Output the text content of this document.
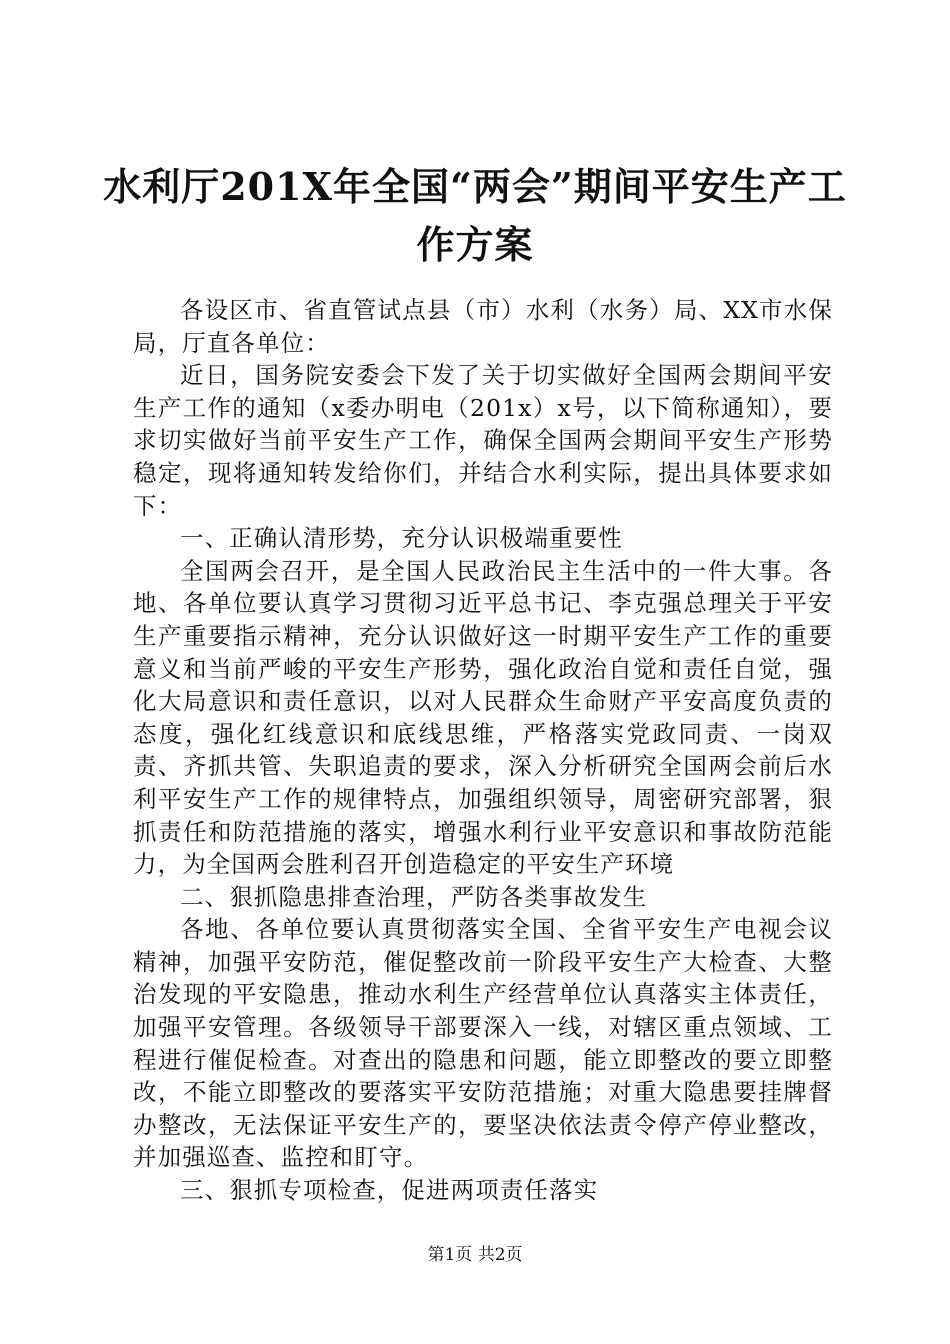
水利厅201X年全国“两会”期间平安生产工作方案

各设区市、省直管试点县（市）水利（水务）局、XX市水保局，厅直各单位：

近日，国务院安委会下发了关于切实做好全国两会期间平安生产工作的通知（x委办明电（201x）x号，以下简称通知），要求切实做好当前平安生产工作，确保全国两会期间平安生产形势稳定，现将通知转发给你们，并结合水利实际，提出具体要求如下：

一、正确认清形势，充分认识极端重要性

全国两会召开，是全国人民政治民主生活中的一件大事。各地、各单位要认真学习贯彻习近平总书记、李克强总理关于平安生产重要指示精神，充分认识做好这一时期平安生产工作的重要意义和当前严峻的平安生产形势，强化政治自觉和责任自觉，强化大局意识和责任意识，以对人民群众生命财产平安高度负责的态度，强化红线意识和底线思维，严格落实党政同责、一岗双责、齐抓共管、失职追责的要求，深入分析研究全国两会前后水利平安生产工作的规律特点，加强组织领导，周密研究部署，狠抓责任和防范措施的落实，增强水利行业平安意识和事故防范能力，为全国两会胜利召开创造稳定的平安生产环境

二、狠抓隐患排查治理，严防各类事故发生

各地、各单位要认真贯彻落实全国、全省平安生产电视会议精神，加强平安防范，催促整改前一阶段平安生产大检查、大整治发现的平安隐患，推动水利生产经营单位认真落实主体责任，加强平安管理。各级领导干部要深入一线，对辖区重点领域、工程进行催促检查。对查出的隐患和问题，能立即整改的要立即整改，不能立即整改的要落实平安防范措施；对重大隐患要挂牌督办整改，无法保证平安生产的，要坚决依法责令停产停业整改，并加强巡查、监控和盯守。

三、狠抓专项检查，促进两项责任落实

第1页 共2页
